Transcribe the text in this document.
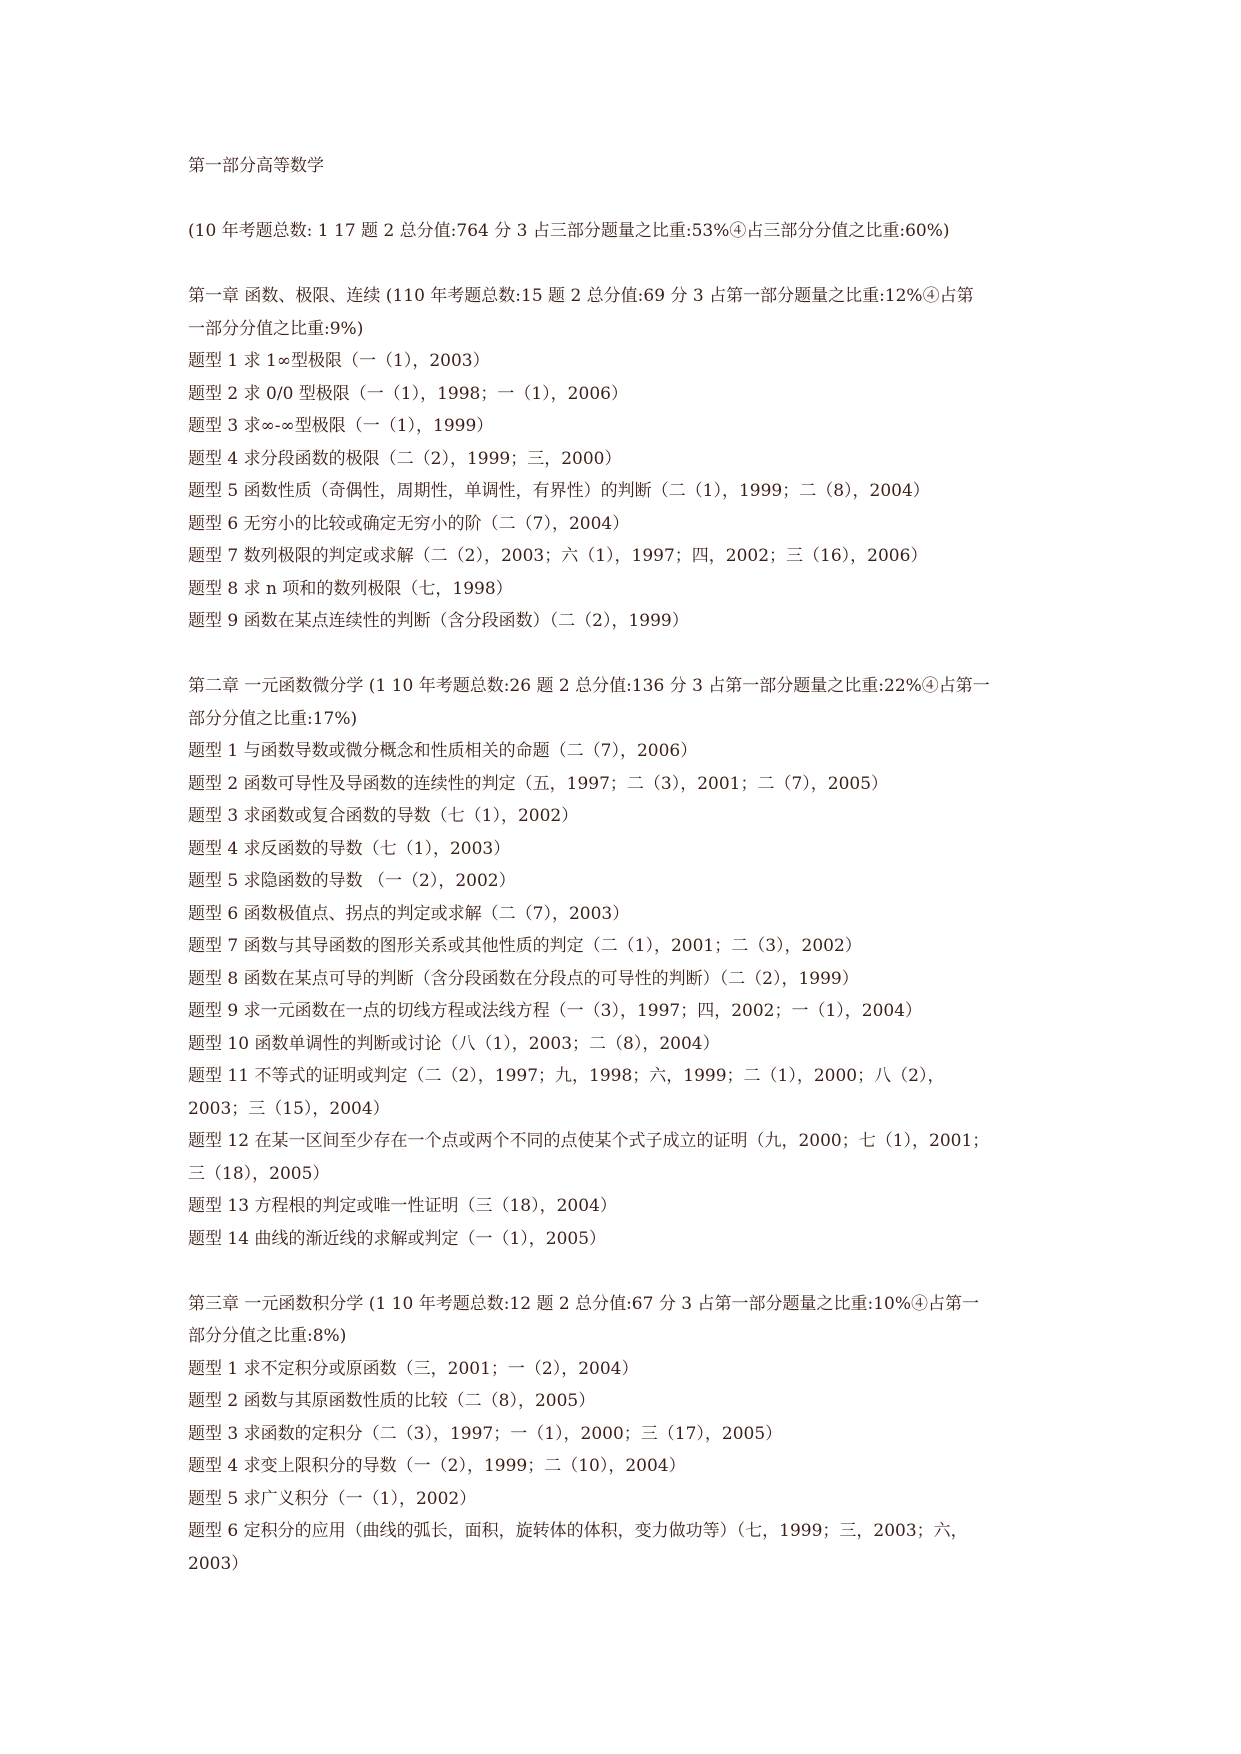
第一部分高等数学
(10 年考题总数: 1 17 题 2 总分值:764 分 3 占三部分题量之比重:53%④占三部分分值之比重:60%)
第一章 函数、极限、连续 (110 年考题总数:15 题 2 总分值:69 分 3 占第一部分题量之比重:12%④占第
一部分分值之比重:9%)
题型 1 求 1∞型极限（一（1），2003）
题型 2 求 0/0 型极限（一（1），1998；一（1），2006）
题型 3 求∞-∞型极限（一（1），1999）
题型 4 求分段函数的极限（二（2），1999；三，2000）
题型 5 函数性质（奇偶性，周期性，单调性，有界性）的判断（二（1），1999；二（8），2004）
题型 6 无穷小的比较或确定无穷小的阶（二（7），2004）
题型 7 数列极限的判定或求解（二（2），2003；六（1），1997；四，2002；三（16），2006）
题型 8 求 n 项和的数列极限（七，1998）
题型 9 函数在某点连续性的判断（含分段函数）（二（2），1999）
第二章 一元函数微分学 (1 10 年考题总数:26 题 2 总分值:136 分 3 占第一部分题量之比重:22%④占第一
部分分值之比重:17%)
题型 1 与函数导数或微分概念和性质相关的命题（二（7），2006）
题型 2 函数可导性及导函数的连续性的判定（五，1997；二（3），2001；二（7），2005）
题型 3 求函数或复合函数的导数（七（1），2002）
题型 4 求反函数的导数（七（1），2003）
题型 5 求隐函数的导数 （一（2），2002）
题型 6 函数极值点、拐点的判定或求解（二（7），2003）
题型 7 函数与其导函数的图形关系或其他性质的判定（二（1），2001；二（3），2002）
题型 8 函数在某点可导的判断（含分段函数在分段点的可导性的判断）（二（2），1999）
题型 9 求一元函数在一点的切线方程或法线方程（一（3），1997；四，2002；一（1），2004）
题型 10 函数单调性的判断或讨论（八（1），2003；二（8），2004）
题型 11 不等式的证明或判定（二（2），1997；九，1998；六，1999；二（1），2000；八（2），
2003；三（15），2004）
题型 12 在某一区间至少存在一个点或两个不同的点使某个式子成立的证明（九，2000；七（1），2001；
三（18），2005）
题型 13 方程根的判定或唯一性证明（三（18），2004）
题型 14 曲线的渐近线的求解或判定（一（1），2005）
第三章 一元函数积分学 (1 10 年考题总数:12 题 2 总分值:67 分 3 占第一部分题量之比重:10%④占第一
部分分值之比重:8%)
题型 1 求不定积分或原函数（三，2001；一（2），2004）
题型 2 函数与其原函数性质的比较（二（8），2005）
题型 3 求函数的定积分（二（3），1997；一（1），2000；三（17），2005）
题型 4 求变上限积分的导数（一（2），1999；二（10），2004）
题型 5 求广义积分（一（1），2002）
题型 6 定积分的应用（曲线的弧长，面积，旋转体的体积，变力做功等）（七，1999；三，2003；六，
2003）
